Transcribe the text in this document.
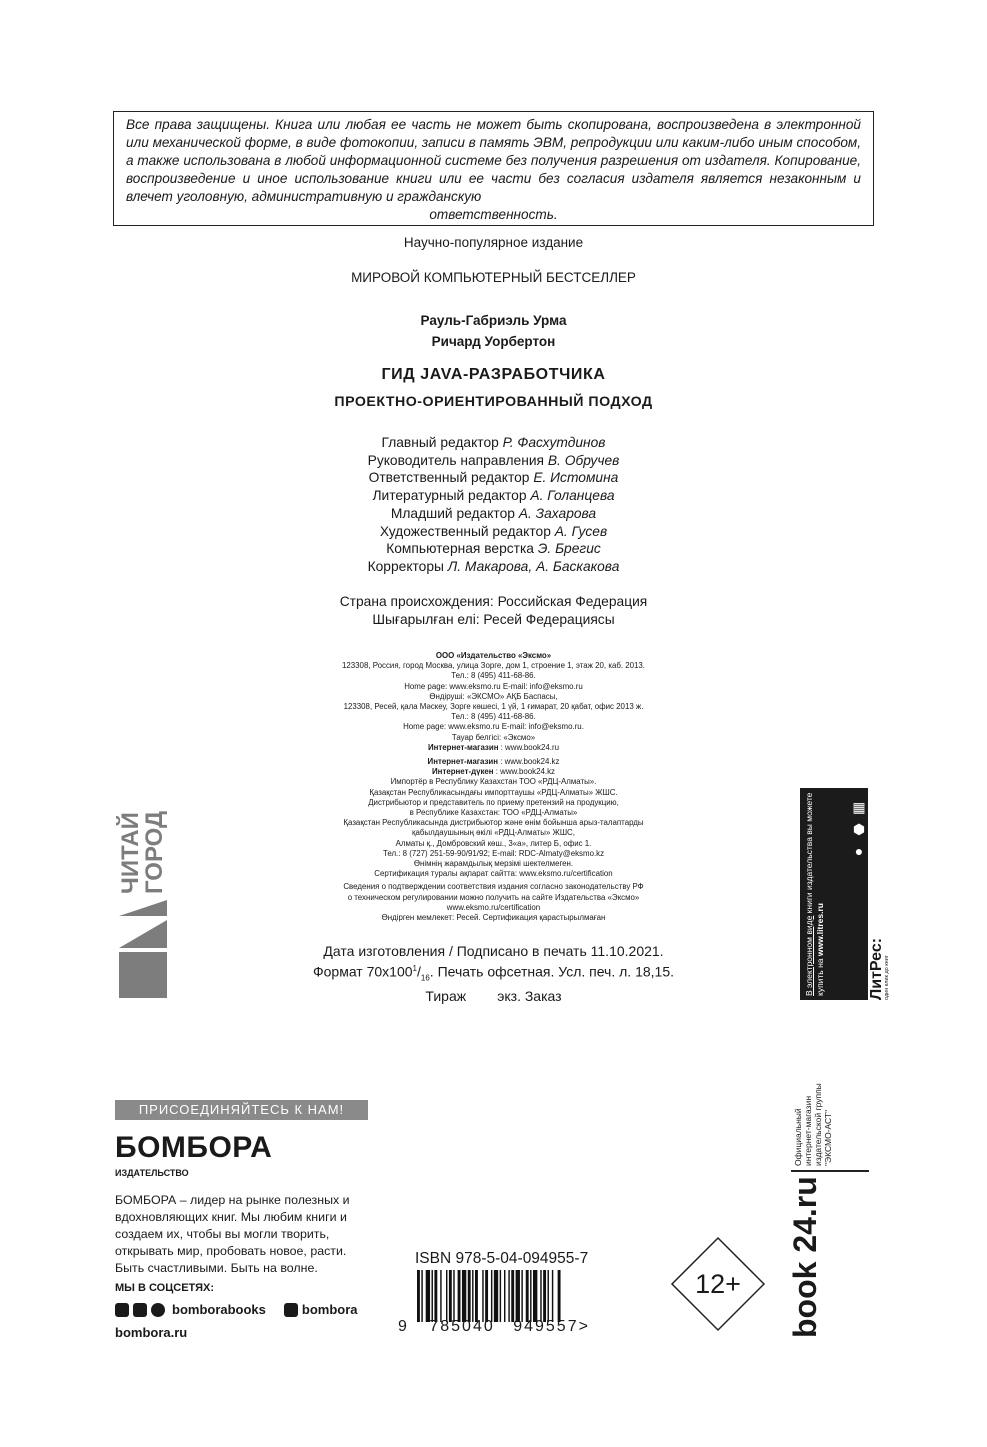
Все права защищены. Книга или любая ее часть не может быть скопирована, воспроизведена в электронной или механической форме, в виде фотокопии, записи в память ЭВМ, репродукции или каким-либо иным способом, а также использована в любой информационной системе без получения разрешения от издателя. Копирование, воспроизведение и иное использование книги или ее части без согласия издателя является незаконным и влечет уголовную, административную и гражданскую
ответственность.
Научно-популярное издание
МИРОВОЙ КОМПЬЮТЕРНЫЙ БЕСТСЕЛЛЕР
Рауль-Габриэль Урма
Ричард Уорбертон
ГИД JAVA-РАЗРАБОТЧИКА
ПРОЕКТНО-ОРИЕНТИРОВАННЫЙ ПОДХОД
Главный редактор Р. Фасхутдинов
Руководитель направления В. Обручев
Ответственный редактор Е. Истомина
Литературный редактор А. Голанцева
Младший редактор А. Захарова
Художественный редактор А. Гусев
Компьютерная верстка Э. Брегис
Корректоры Л. Макарова, А. Баскакова
Страна происхождения: Российская Федерация
Шығарылған елі: Ресей Федерациясы
ООО «Издательство «Эксмо»
123308, Россия, город Москва, улица Зорге, дом 1, строение 1, этаж 20, каб. 2013.
Тел.: 8 (495) 411-68-86.
Home page: www.eksmo.ru E-mail: info@eksmo.ru
Өндіруші: «ЭКСМО» АҚБ Баспасы,
123308, Ресей, қала Мәскеу, Зорге көшесі, 1 үй, 1 ғимарат, 20 қабат, офис 2013 ж.
Тел.: 8 (495) 411-68-86.
Home page: www.eksmo.ru E-mail: info@eksmo.ru.
Тауар белгісі: «Эксмо»
Интернет-магазин : www.book24.ru
Интернет-магазин : www.book24.kz
Интернет-дүкен : www.book24.kz
Импортёр в Республику Казахстан ТОО «РДЦ-Алматы».
Қазақстан Республикасындағы импорттаушы «РДЦ-Алматы» ЖШС.
Дистрибьютор и представитель по приему претензий на продукцию,
в Республике Казахстан: ТОО «РДЦ-Алматы»
Қазақстан Республикасында дистрибьютор және өнім бойынша арыз-талаптарды
қабылдаушының өкілі «РДЦ-Алматы» ЖШС,
Алматы қ., Домбровский көш., 3«а», литер Б, офис 1.
Тел.: 8 (727) 251-59-90/91/92; E-mail: RDC-Almaty@eksmo.kz
Өнімнің жарамдылық мерзімі шектелмеген.
Сертификация туралы ақпарат сайтта: www.eksmo.ru/certification
Сведения о подтверждении соответствия издания согласно законодательству РФ
о техническом регулировании можно получить на сайте Издательства «Эксмо»
www.eksmo.ru/certification
Өндірген мемлекет: Ресей. Сертификация қарастырылмаған
Дата изготовления / Подписано в печать 11.10.2021.
Формат $70x100^1/_{16}$. Печать офсетная. Усл. печ. л. 18,15.
Тираж        экз. Заказ
ЧИТАЙ
ГОРОД
В электронном виде книги издательства вы можете
купить на www.litres.ru
▦
⬢
●
ЛитРес: один клик до книг
ПРИСОЕДИНЯЙТЕСЬ К НАМ!
БОМБОРА
ИЗДАТЕЛЬСТВО
БОМБОРА – лидер на рынке полезных и вдохновляющих книг. Мы любим книги и создаем их, чтобы вы могли творить, открывать мир, пробовать новое, расти. Быть счастливыми. Быть на волне.
МЫ В СОЦСЕТЯХ:
bomborabooks	bombora
bombora.ru
ISBN 978-5-04-094955-7
9 785040 949557>
12+	book 24.ru
Официальный интернет-магазин издательской группы "ЭКСМО-АСТ"
